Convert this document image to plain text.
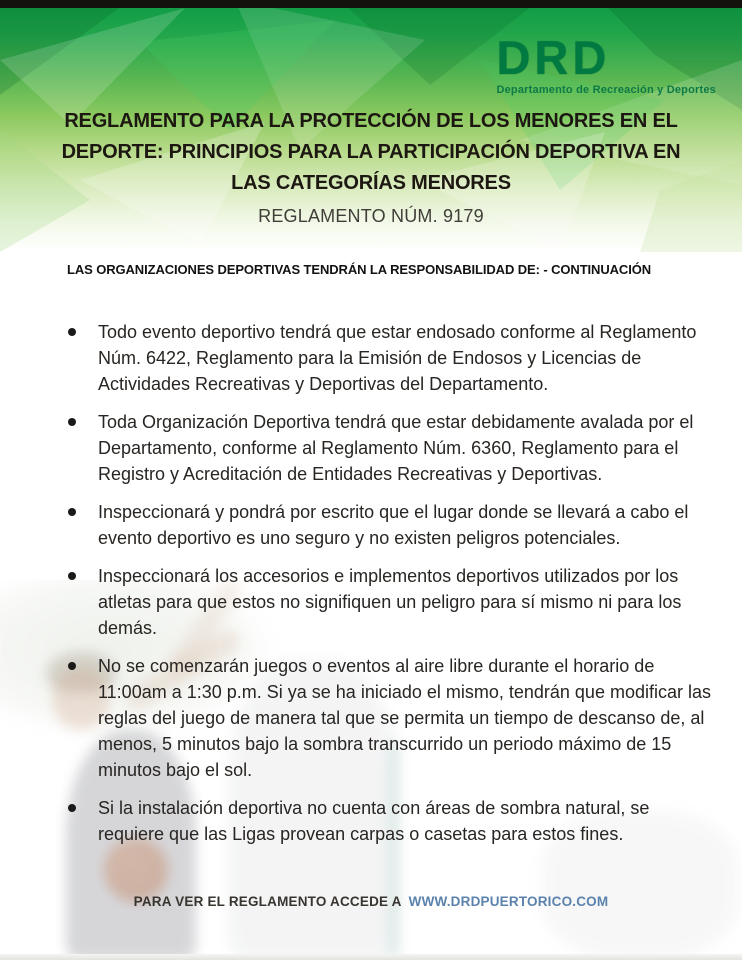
DRD
Departamento de Recreación y Deportes
REGLAMENTO PARA LA PROTECCIÓN DE LOS MENORES EN EL
DEPORTE: PRINCIPIOS PARA LA PARTICIPACIÓN DEPORTIVA EN
LAS CATEGORÍAS MENORES
REGLAMENTO NÚM. 9179
LAS ORGANIZACIONES DEPORTIVAS TENDRÁN LA RESPONSABILIDAD DE: - CONTINUACIÓN
Todo evento deportivo tendrá que estar endosado conforme al Reglamento Núm. 6422, Reglamento para la Emisión de Endosos y Licencias de Actividades Recreativas y Deportivas del Departamento.
Toda Organización Deportiva tendrá que estar debidamente avalada por el Departamento, conforme al Reglamento Núm. 6360, Reglamento para el Registro y Acreditación de Entidades Recreativas y Deportivas.
Inspeccionará y pondrá por escrito que el lugar donde se llevará a cabo el evento deportivo es uno seguro y no existen peligros potenciales.
Inspeccionará los accesorios e implementos deportivos utilizados por los atletas para que estos no signifiquen un peligro para sí mismo ni para los demás.
No se comenzarán juegos o eventos al aire libre durante el horario de 11:00am a 1:30 p.m. Si ya se ha iniciado el mismo, tendrán que modificar las reglas del juego de manera tal que se permita un tiempo de descanso de, al menos, 5 minutos bajo la sombra transcurrido un periodo máximo de 15 minutos bajo el sol.
Si la instalación deportiva no cuenta con áreas de sombra natural, se requiere que las Ligas provean carpas o casetas para estos fines.
PARA VER EL REGLAMENTO ACCEDE A WWW.DRDPUERTORICO.COM
